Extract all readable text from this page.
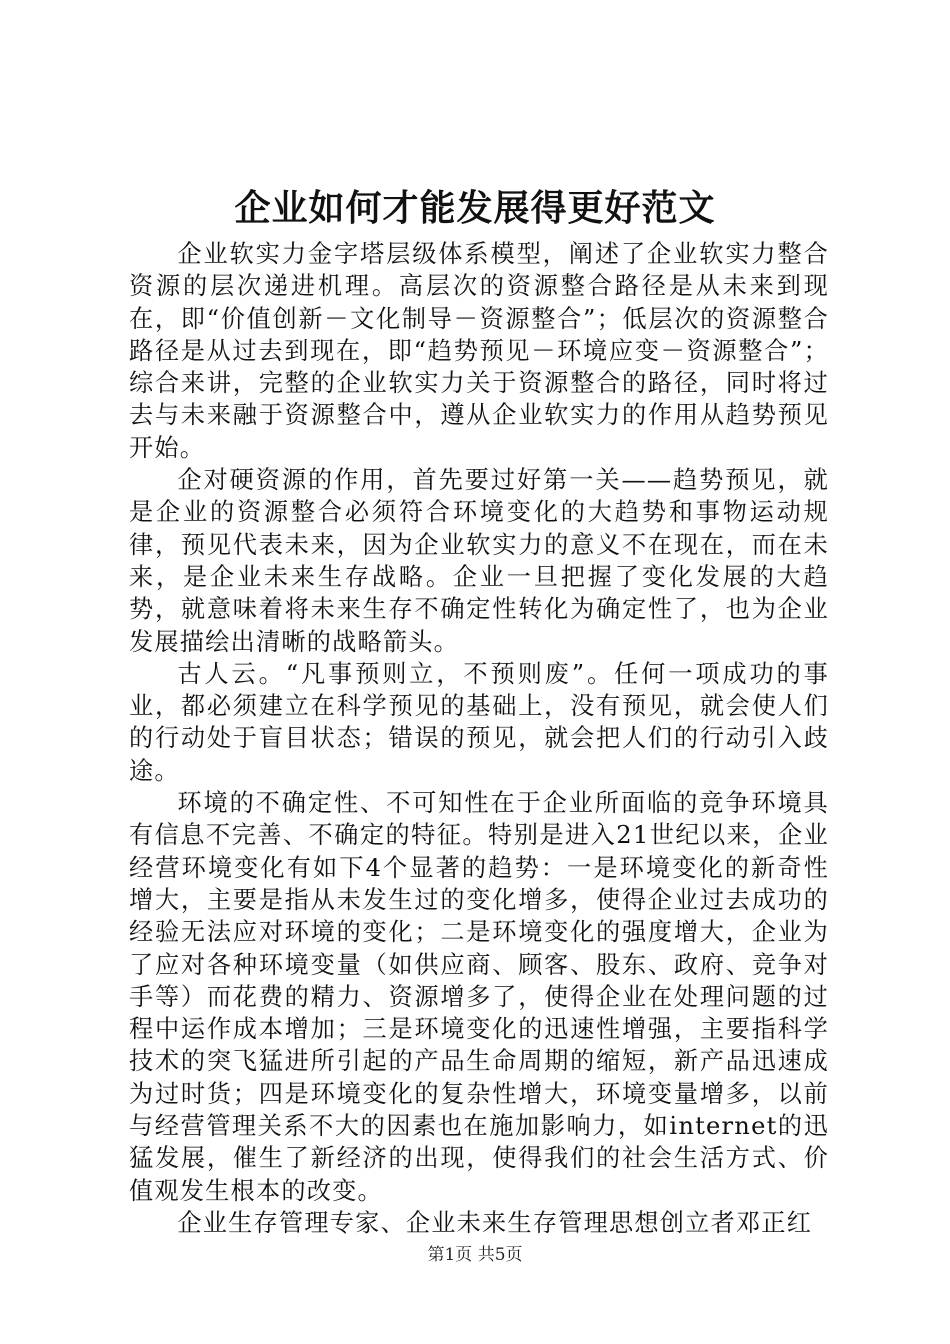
企业如何才能发展得更好范文

企业软实力金字塔层级体系模型，阐述了企业软实力整合资源的层次递进机理。高层次的资源整合路径是从未来到现在，即“价值创新－文化制导－资源整合”；低层次的资源整合路径是从过去到现在，即“趋势预见－环境应变－资源整合”；综合来讲，完整的企业软实力关于资源整合的路径，同时将过去与未来融于资源整合中，遵从企业软实力的作用从趋势预见开始。

企对硬资源的作用，首先要过好第一关——趋势预见，就是企业的资源整合必须符合环境变化的大趋势和事物运动规律，预见代表未来，因为企业软实力的意义不在现在，而在未来，是企业未来生存战略。企业一旦把握了变化发展的大趋势，就意味着将未来生存不确定性转化为确定性了，也为企业发展描绘出清晰的战略箭头。

古人云。“凡事预则立，不预则废”。任何一项成功的事业，都必须建立在科学预见的基础上，没有预见，就会使人们的行动处于盲目状态；错误的预见，就会把人们的行动引入歧途。

环境的不确定性、不可知性在于企业所面临的竞争环境具有信息不完善、不确定的特征。特别是进入21世纪以来，企业经营环境变化有如下4个显著的趋势：一是环境变化的新奇性增大，主要是指从未发生过的变化增多，使得企业过去成功的经验无法应对环境的变化；二是环境变化的强度增大，企业为了应对各种环境变量（如供应商、顾客、股东、政府、竞争对手等）而花费的精力、资源增多了，使得企业在处理问题的过程中运作成本增加；三是环境变化的迅速性增强，主要指科学技术的突飞猛进所引起的产品生命周期的缩短，新产品迅速成为过时货；四是环境变化的复杂性增大，环境变量增多，以前与经营管理关系不大的因素也在施加影响力，如internet的迅猛发展，催生了新经济的出现，使得我们的社会生活方式、价值观发生根本的改变。

企业生存管理专家、企业未来生存管理思想创立者邓正红

第1页 共5页
